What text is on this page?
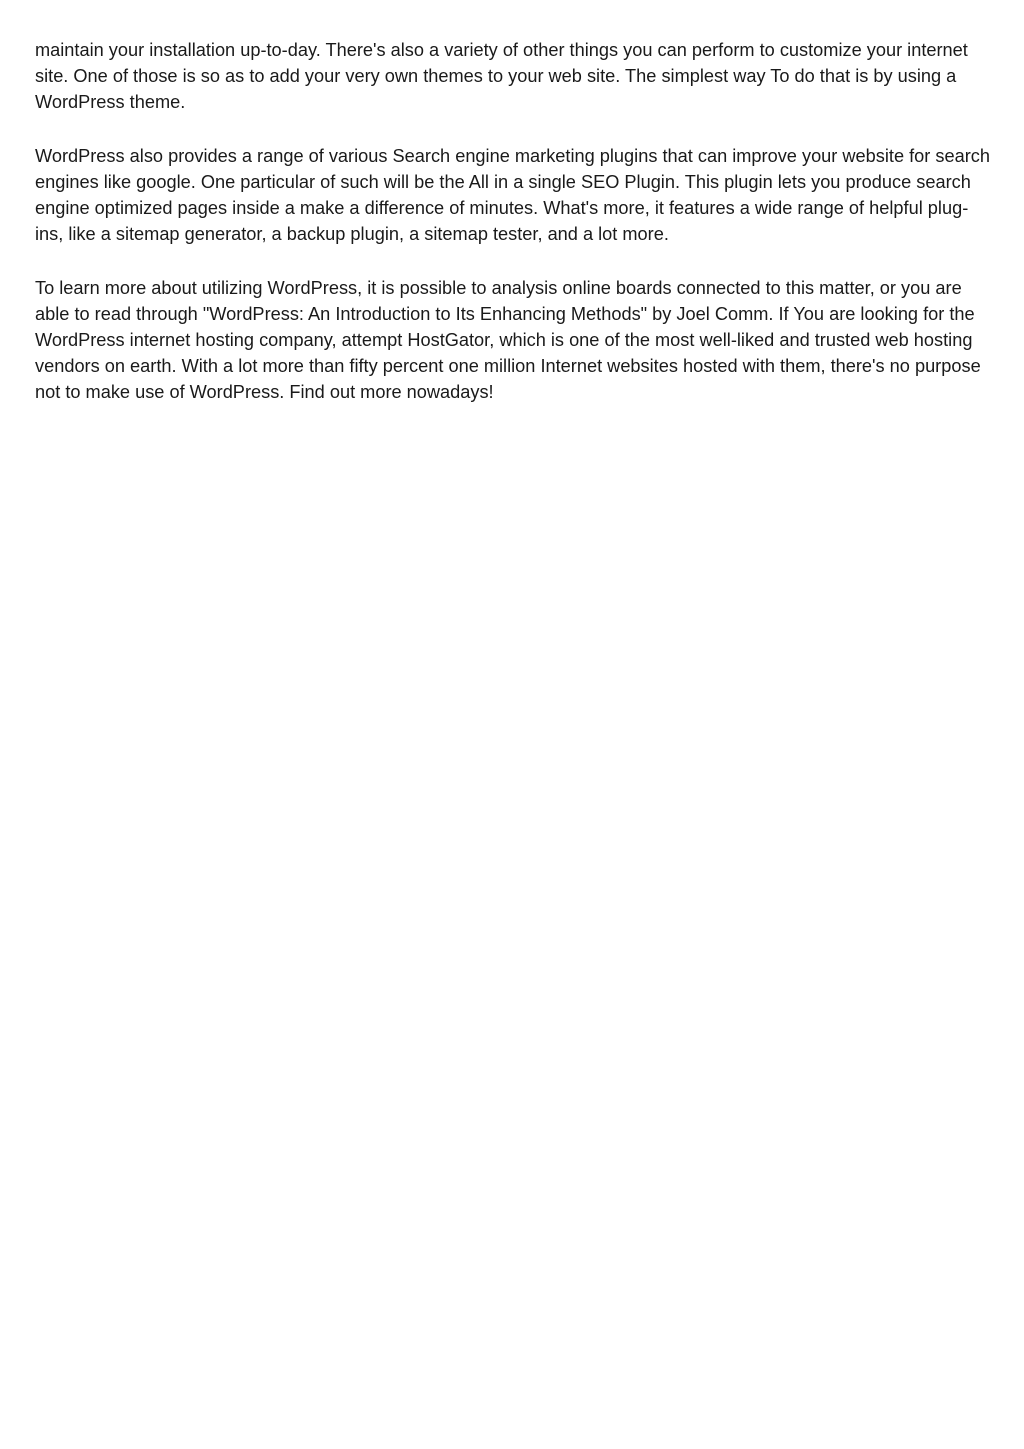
maintain your installation up-to-day. There's also a variety of other things you can perform to customize your internet site. One of those is so as to add your very own themes to your web site. The simplest way To do that is by using a WordPress theme.

WordPress also provides a range of various Search engine marketing plugins that can improve your website for search engines like google. One particular of such will be the All in a single SEO Plugin. This plugin lets you produce search engine optimized pages inside a make a difference of minutes. What's more, it features a wide range of helpful plug-ins, like a sitemap generator, a backup plugin, a sitemap tester, and a lot more.

To learn more about utilizing WordPress, it is possible to analysis online boards connected to this matter, or you are able to read through "WordPress: An Introduction to Its Enhancing Methods" by Joel Comm. If You are looking for the WordPress internet hosting company, attempt HostGator, which is one of the most well-liked and trusted web hosting vendors on earth. With a lot more than fifty percent one million Internet websites hosted with them, there's no purpose not to make use of WordPress. Find out more nowadays!
